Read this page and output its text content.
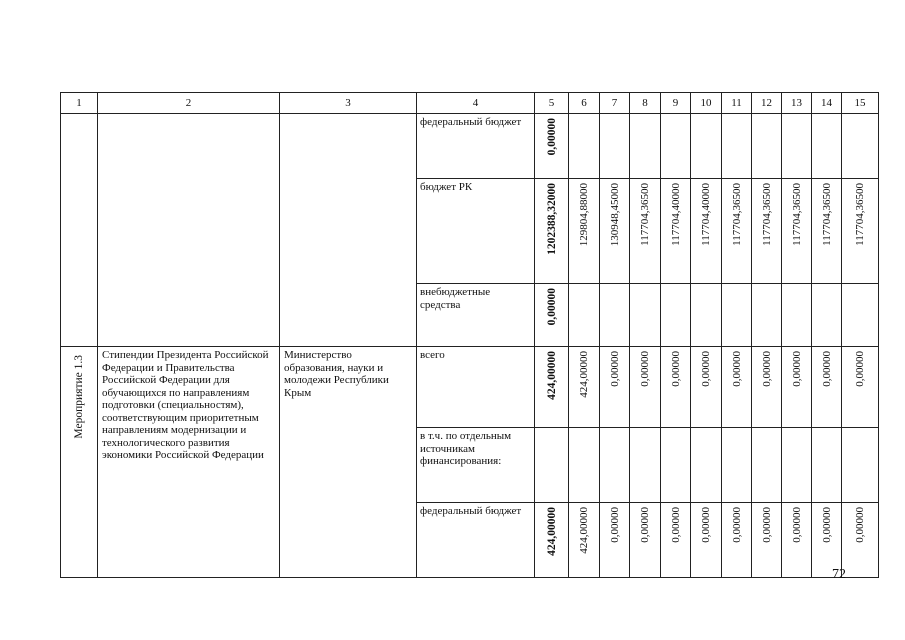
1	2	3	4	5	6	7	8	9	10	11	12	13	14	15
			федеральный бюджет	0,00000										

			бюджет РК	1202388,32000	129804,88000	130948,45000	117704,36500	117704,40000	117704,40000	117704,36500	117704,36500	117704,36500	117704,36500	117704,36500

			внебюджетные средства	0,00000										

Мероприятие 1.3	Стипендии Президента Российской Федерации и Правительства Российской Федерации для обучающихся по направлениям подготовки (специальностям), соответствующим приоритетным направлениям модернизации и технологического развития экономики Российской Федерации	Министерство образования, науки и молодежи Республики Крым	всего	424,00000	424,00000	0,00000	0,00000	0,00000	0,00000	0,00000	0,00000	0,00000	0,00000	0,00000

			в т.ч. по отдельным источникам финансирования:	

			федеральный бюджет	424,00000	424,00000	0,00000	0,00000	0,00000	0,00000	0,00000	0,00000	0,00000	0,00000	0,00000
72
